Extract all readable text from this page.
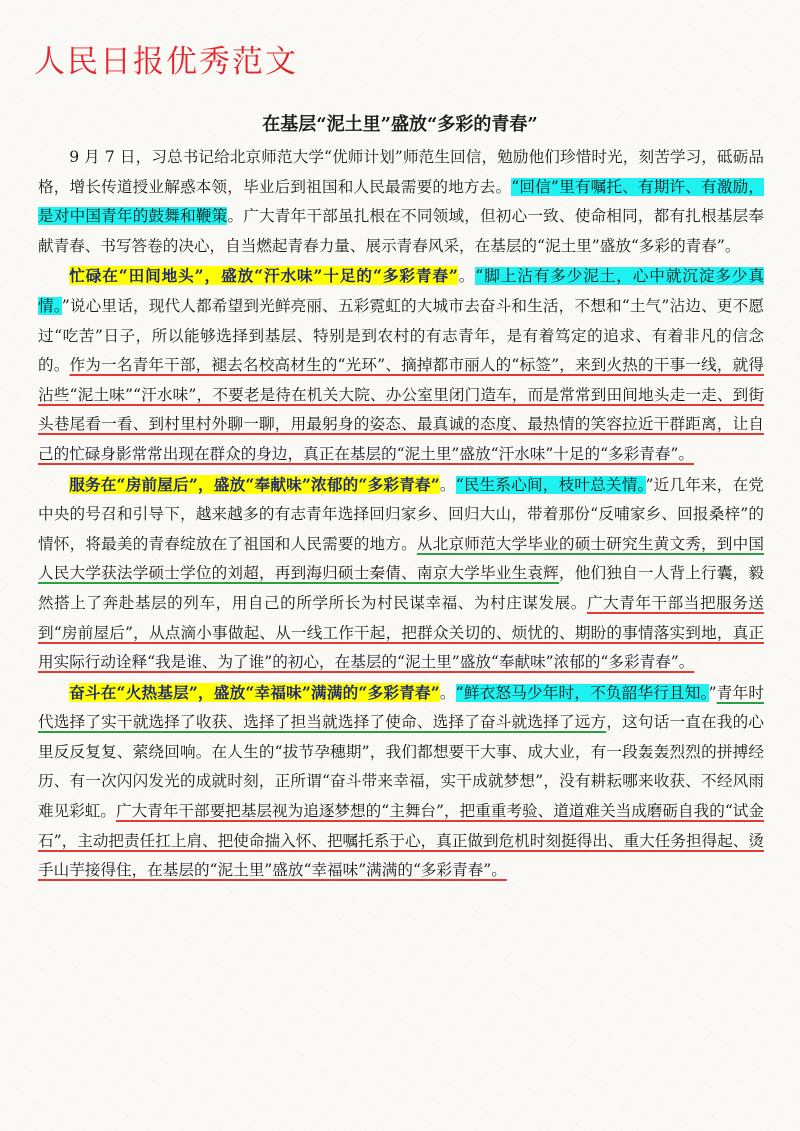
人民日报优秀范文
在基层“泥土里”盛放“多彩的青春”

9 月 7 日，习总书记给北京师范大学“优师计划”师范生回信，勉励他们珍惜时光，刻苦学习，砥砺品格，增长传道授业解惑本领，毕业后到祖国和人民最需要的地方去。“回信”里有嘱托、有期许、有激励，是对中国青年的鼓舞和鞭策。广大青年干部虽扎根在不同领域，但初心一致、使命相同，都有扎根基层奉献青春、书写答卷的决心，自当燃起青春力量、展示青春风采，在基层的“泥土里”盛放“多彩的青春”。

忙碌在“田间地头”，盛放“汗水味”十足的“多彩青春”。“脚上沾有多少泥土，心中就沉淀多少真情。”说心里话，现代人都希望到光鲜亮丽、五彩霓虹的大城市去奋斗和生活，不想和“土气”沾边、更不愿过“吃苦”日子，所以能够选择到基层、特别是到农村的有志青年，是有着笃定的追求、有着非凡的信念的。作为一名青年干部，褪去名校高材生的“光环”、摘掉都市丽人的“标签”，来到火热的干事一线，就得沾些“泥土味”“汗水味”，不要老是待在机关大院、办公室里闭门造车，而是常常到田间地头走一走、到街头巷尾看一看、到村里村外聊一聊，用最躬身的姿态、最真诚的态度、最热情的笑容拉近干群距离，让自己的忙碌身影常常出现在群众的身边，真正在基层的“泥土里”盛放“汗水味”十足的“多彩青春”。

服务在“房前屋后”，盛放“奉献味”浓郁的“多彩青春”。“民生系心间，枝叶总关情。”近几年来，在党中央的号召和引导下，越来越多的有志青年选择回归家乡、回归大山，带着那份“反哺家乡、回报桑梓”的情怀，将最美的青春绽放在了祖国和人民需要的地方。从北京师范大学毕业的硕士研究生黄文秀，到中国人民大学获法学硕士学位的刘超，再到海归硕士秦倩、南京大学毕业生袁辉，他们独自一人背上行囊，毅然搭上了奔赴基层的列车，用自己的所学所长为村民谋幸福、为村庄谋发展。广大青年干部当把服务送到“房前屋后”，从点滴小事做起、从一线工作干起，把群众关切的、烦忧的、期盼的事情落实到地，真正用实际行动诠释“我是谁、为了谁”的初心，在基层的“泥土里”盛放“奉献味”浓郁的“多彩青春”。

奋斗在“火热基层”，盛放“幸福味”满满的“多彩青春”。“鲜衣怒马少年时，不负韶华行且知。”青年时代选择了实干就选择了收获、选择了担当就选择了使命、选择了奋斗就选择了远方，这句话一直在我的心里反反复复、萦绕回响。在人生的“拔节孕穗期”，我们都想要干大事、成大业，有一段轰轰烈烈的拼搏经历、有一次闪闪发光的成就时刻，正所谓“奋斗带来幸福，实干成就梦想”，没有耕耘哪来收获、不经风雨难见彩虹。广大青年干部要把基层视为追逐梦想的“主舞台”，把重重考验、道道难关当成磨砺自我的“试金石”，主动把责任扛上肩、把使命揣入怀、把嘱托系于心，真正做到危机时刻挺得出、重大任务担得起、烫手山芋接得住，在基层的“泥土里”盛放“幸福味”满满的“多彩青春”。
